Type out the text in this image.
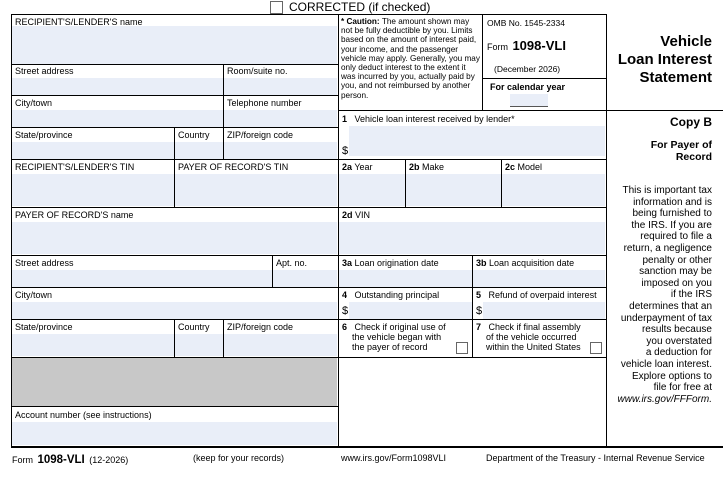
CORRECTED (if checked)
RECIPIENT'S/LENDER'S name
Street address	Room/suite no.
City/town	Telephone number
State/province	Country ZIP/foreign code
RECIPIENT'S/LENDER'S TIN	PAYER OF RECORD'S TIN
PAYER OF RECORD'S name
Street address	Apt. no.
City/town
State/province	Country ZIP/foreign code
Account number (see instructions)
* Caution: The amount shown may not be fully deductible by you. Limits based on the amount of interest paid, your income, and the passenger vehicle may apply. Generally, you may only deduct interest to the extent it was incurred by you, actually paid by you, and not reimbursed by another person.
OMB No. 1545-2334
Form 1098-VLI
(December 2026)
For calendar year
Vehicle
Loan Interest
Statement
1 Vehicle loan interest received by lender*
$
2a Year	2b Make	2c Model
2d VIN
3a Loan origination date	3b Loan acquisition date
4 Outstanding principal
$
5 Refund of overpaid interest
$
6 Check if original use of
the vehicle began with
the payer of record
7 Check if final assembly
of the vehicle occurred
within the United States
Copy B
For Payer of
Record
This is important tax
information and is
being furnished to
the IRS. If you are
required to file a
return, a negligence
penalty or other
sanction may be
imposed on you
if the IRS
determines that an
underpayment of tax
results because
you overstated
a deduction for
vehicle loan interest.
Explore options to
file for free at
www.irs.gov/FFForm.
Form 1098-VLI (12-2026)	(keep for your records)	www.irs.gov/Form1098VLI	Department of the Treasury - Internal Revenue Service
